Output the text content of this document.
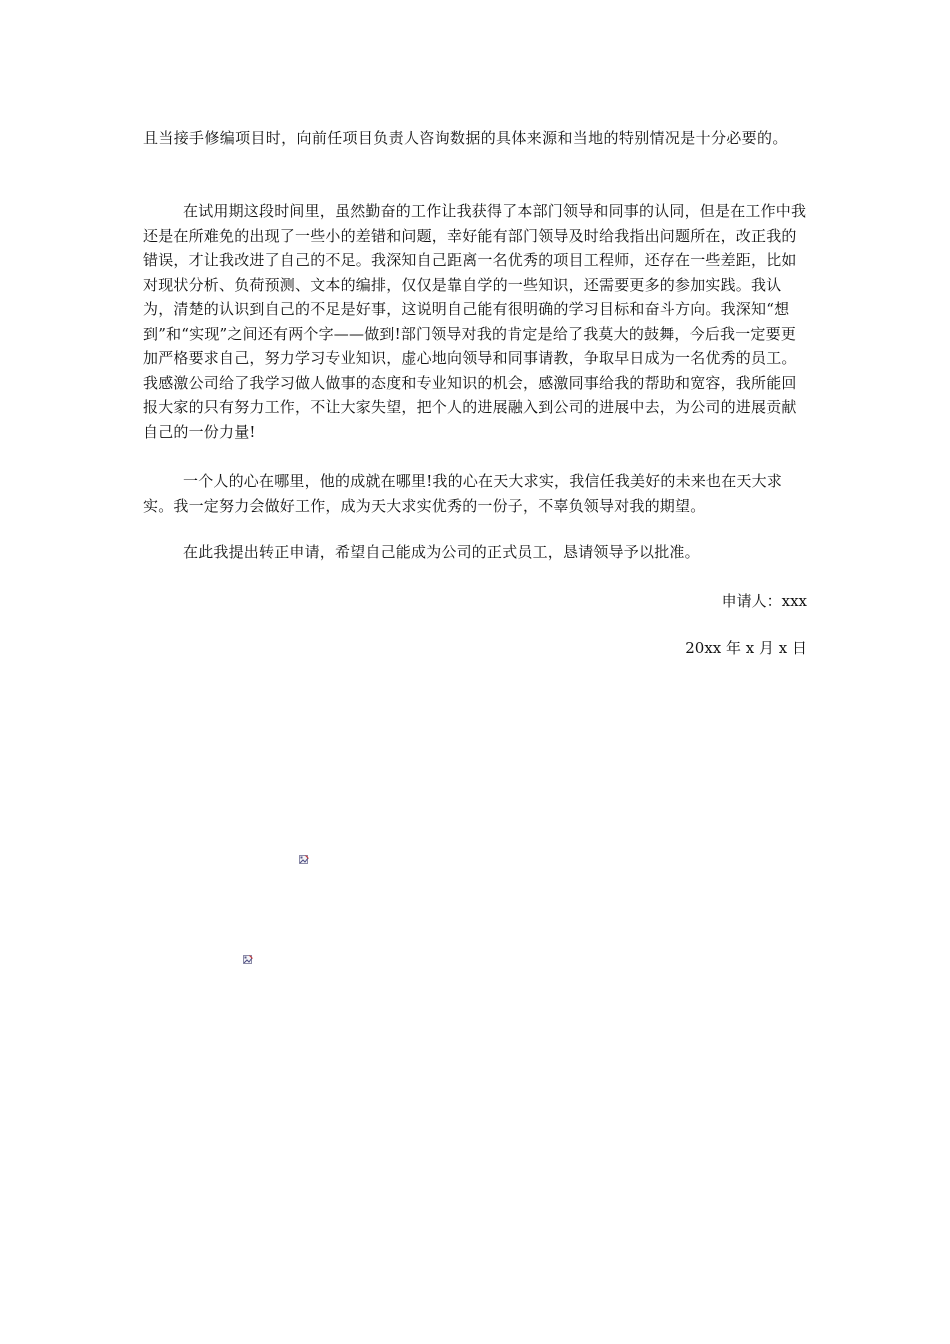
且当接手修编项目时，向前任项目负责人咨询数据的具体来源和当地的特别情况是十分必要的。
在试用期这段时间里，虽然勤奋的工作让我获得了本部门领导和同事的认同，但是在工作中我还是在所难免的出现了一些小的差错和问题，幸好能有部门领导及时给我指出问题所在，改正我的错误，才让我改进了自己的不足。我深知自己距离一名优秀的项目工程师，还存在一些差距，比如对现状分析、负荷预测、文本的编排，仅仅是靠自学的一些知识，还需要更多的参加实践。我认为，清楚的认识到自己的不足是好事，这说明自己能有很明确的学习目标和奋斗方向。我深知“想到”和“实现”之间还有两个字——做到!部门领导对我的肯定是给了我莫大的鼓舞，今后我一定要更加严格要求自己，努力学习专业知识，虚心地向领导和同事请教，争取早日成为一名优秀的员工。我感激公司给了我学习做人做事的态度和专业知识的机会，感激同事给我的帮助和宽容，我所能回报大家的只有努力工作，不让大家失望，把个人的进展融入到公司的进展中去，为公司的进展贡献自己的一份力量!
一个人的心在哪里，他的成就在哪里!我的心在天大求实，我信任我美好的未来也在天大求实。我一定努力会做好工作，成为天大求实优秀的一份子，不辜负领导对我的期望。
在此我提出转正申请，希望自己能成为公司的正式员工，恳请领导予以批准。
申请人：xxx
20xx 年 x 月 x 日
